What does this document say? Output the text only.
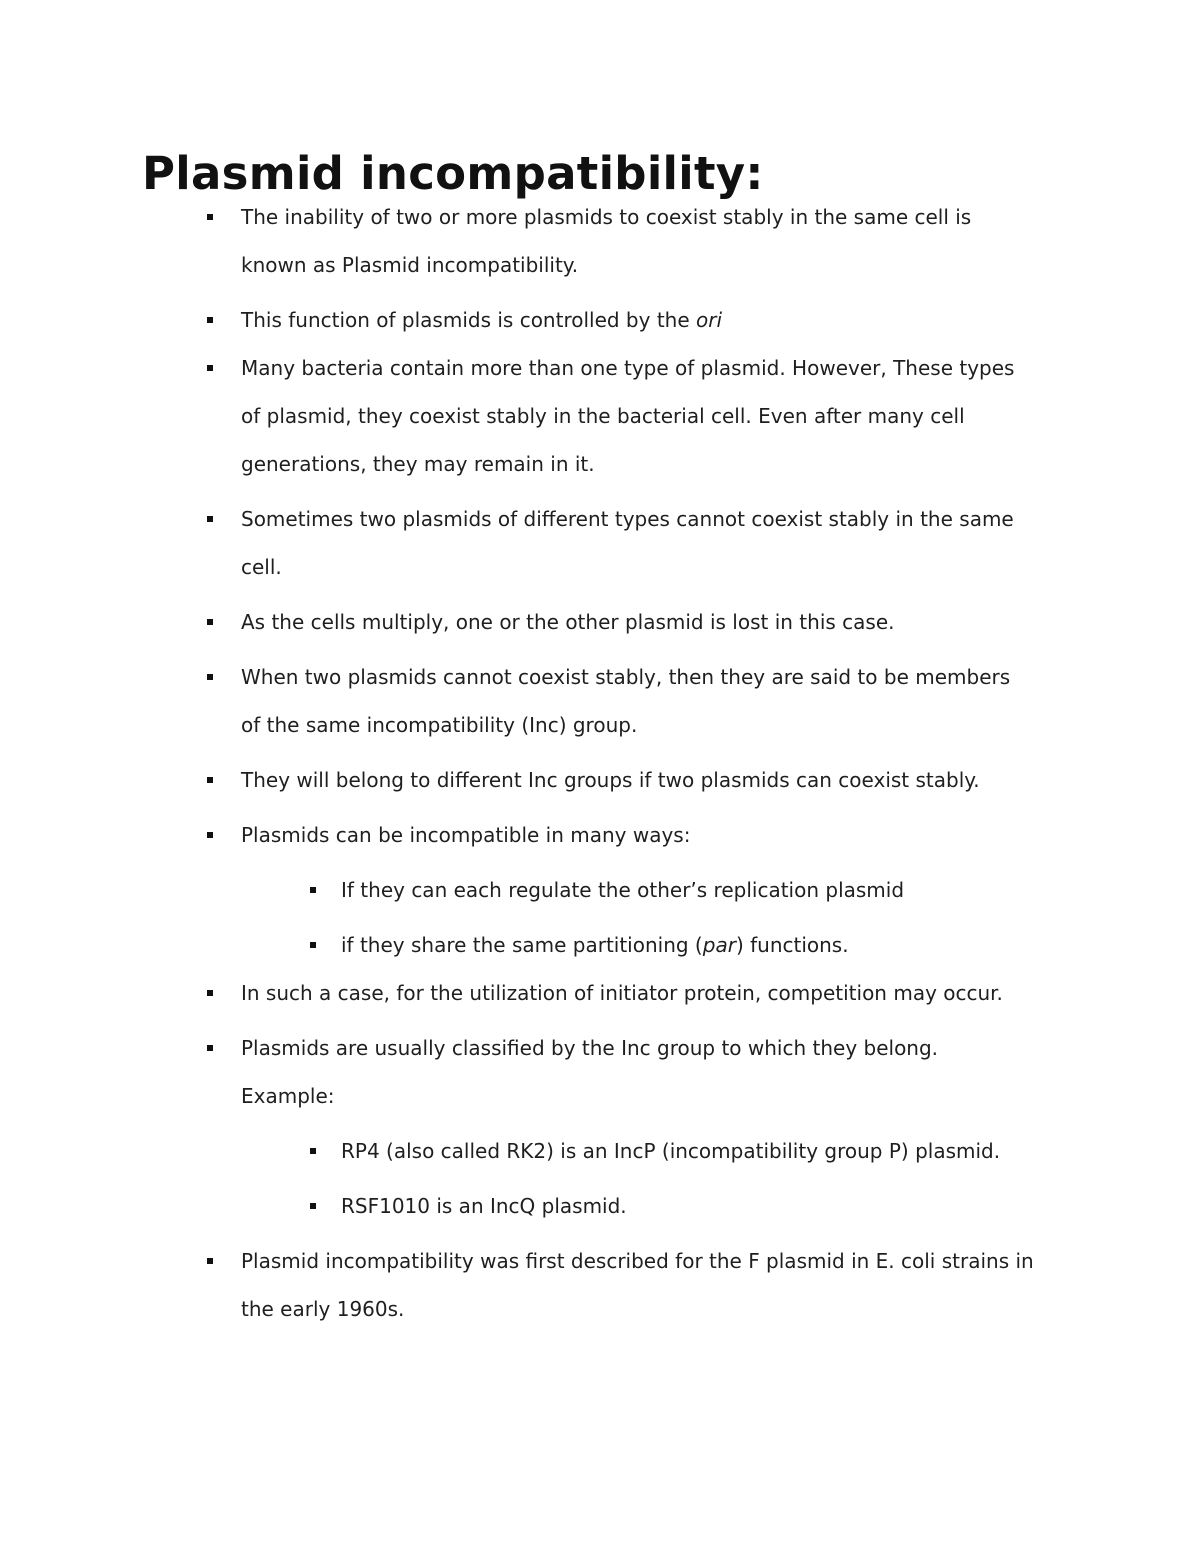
Plasmid incompatibility:

The inability of two or more plasmids to coexist stably in the same cell is

known as Plasmid incompatibility.

This function of plasmids is controlled by the ori

Many bacteria contain more than one type of plasmid. However, These types

of plasmid, they coexist stably in the bacterial cell. Even after many cell

generations, they may remain in it.

Sometimes two plasmids of different types cannot coexist stably in the same

cell.

As the cells multiply, one or the other plasmid is lost in this case.

When two plasmids cannot coexist stably, then they are said to be members

of the same incompatibility (Inc) group.

They will belong to different Inc groups if two plasmids can coexist stably.

Plasmids can be incompatible in many ways:

If they can each regulate the other’s replication plasmid

if they share the same partitioning (par) functions.

In such a case, for the utilization of initiator protein, competition may occur.

Plasmids are usually classified by the Inc group to which they belong.

Example:

RP4 (also called RK2) is an IncP (incompatibility group P) plasmid.

RSF1010 is an IncQ plasmid.

Plasmid incompatibility was first described for the F plasmid in E. coli strains in

the early 1960s.
